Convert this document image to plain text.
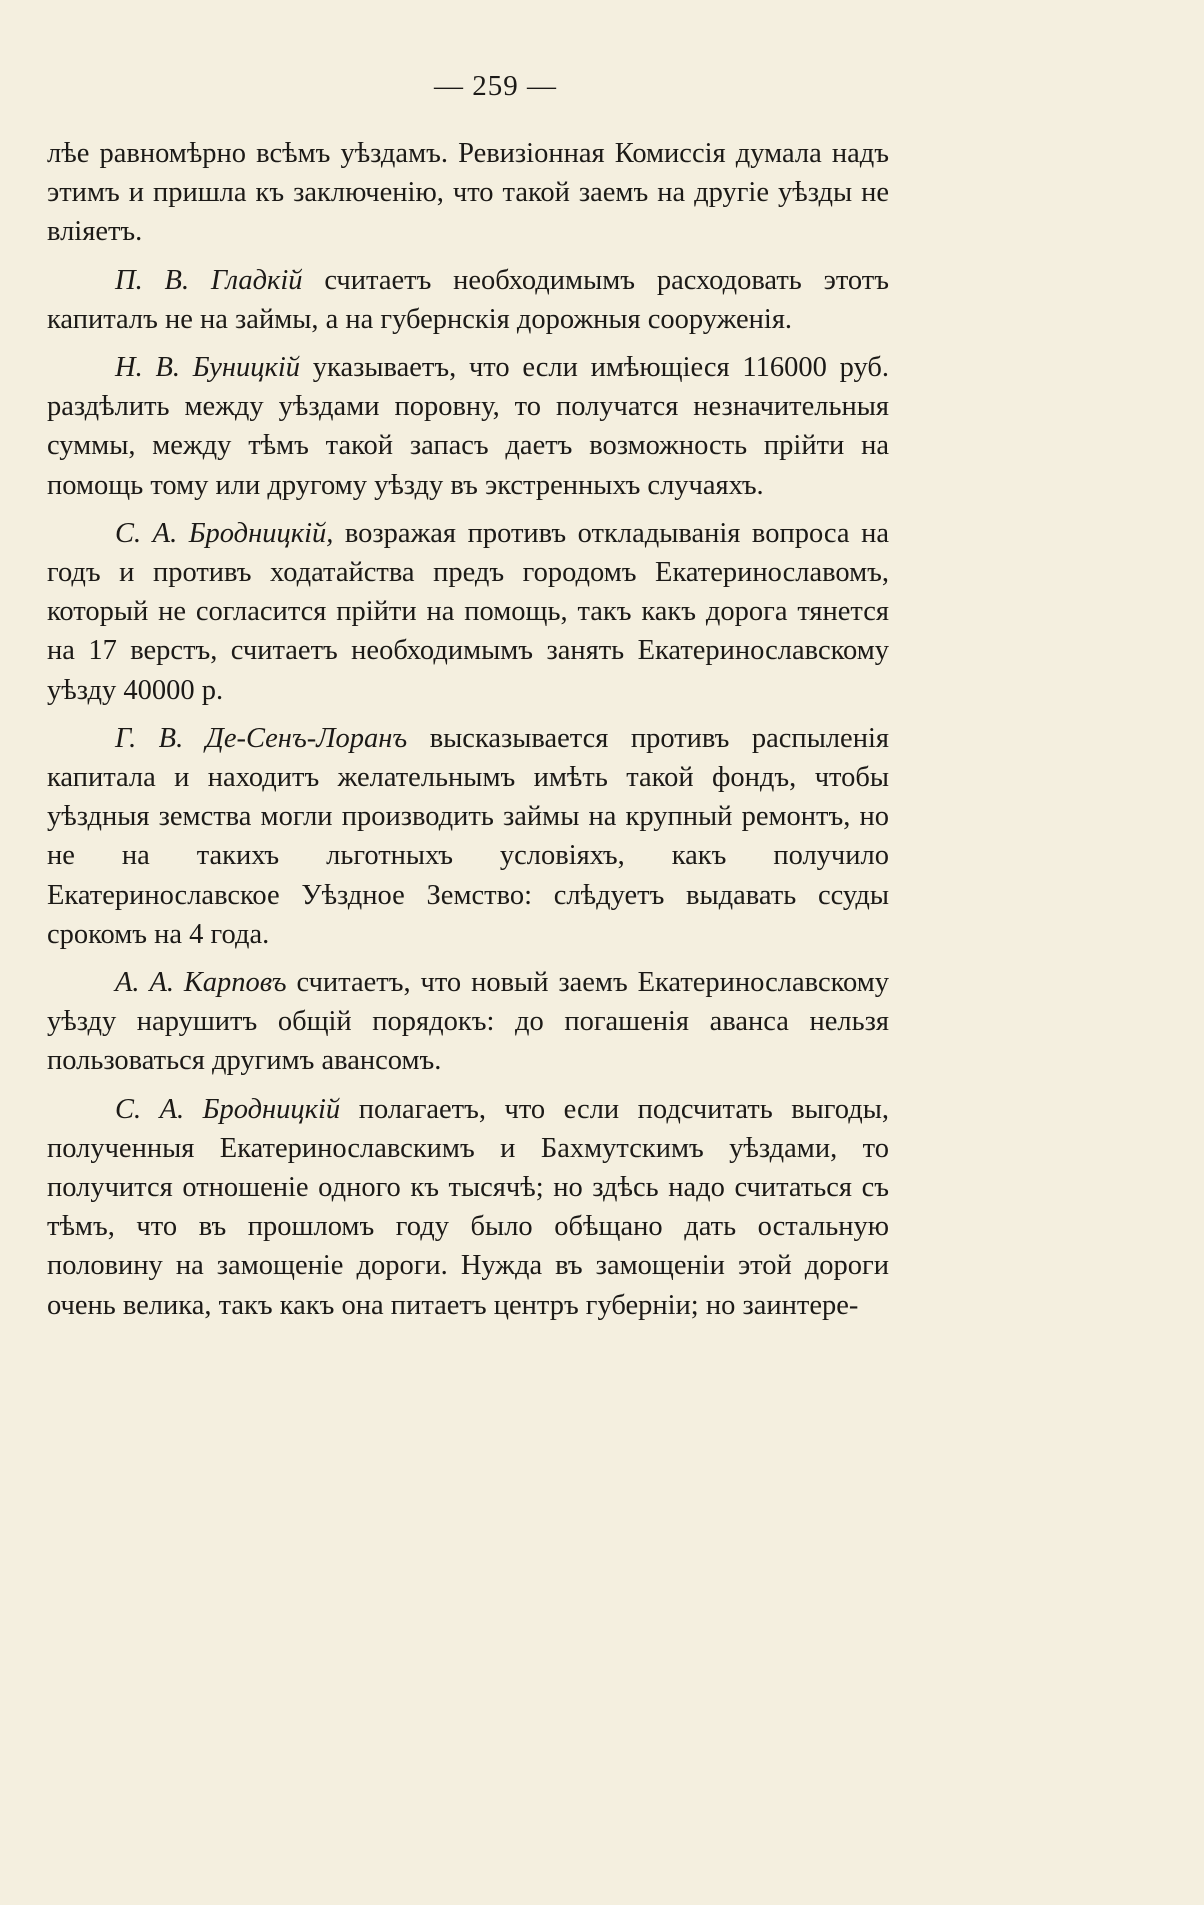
— 259 —

лѣе равномѣрно всѣмъ уѣздамъ. Ревизіонная Комиссія думала надъ этимъ и пришла къ заключенію, что такой заемъ на другіе уѣзды не вліяетъ.

П. В. Гладкій считаетъ необходимымъ расходовать этотъ капиталъ не на займы, а на губернскія дорожныя сооруженія.

Н. В. Буницкій указываетъ, что если имѣющіеся 116000 руб. раздѣлить между уѣздами поровну, то получатся незначительныя суммы, между тѣмъ такой запасъ даетъ возможность прійти на помощь тому или другому уѣзду въ экстренныхъ случаяхъ.

С. А. Бродницкій, возражая противъ откладыванія вопроса на годъ и противъ ходатайства предъ городомъ Екатеринославомъ, который не согласится прійти на помощь, такъ какъ дорога тянется на 17 верстъ, считаетъ необходимымъ занять Екатеринославскому уѣзду 40000 р.

Г. В. Де-Сенъ-Лоранъ высказывается противъ распыленія капитала и находитъ желательнымъ имѣть такой фондъ, чтобы уѣздныя земства могли производить займы на крупный ремонтъ, но не на такихъ льготныхъ условіяхъ, какъ получило Екатеринославское Уѣздное Земство: слѣдуетъ выдавать ссуды срокомъ на 4 года.

А. А. Карповъ считаетъ, что новый заемъ Екатеринославскому уѣзду нарушитъ общій порядокъ: до погашенія аванса нельзя пользоваться другимъ авансомъ.

С. А. Бродницкій полагаетъ, что если подсчитать выгоды, полученныя Екатеринославскимъ и Бахмутскимъ уѣздами, то получится отношеніе одного къ тысячѣ; но здѣсь надо считаться съ тѣмъ, что въ прошломъ году было обѣщано дать остальную половину на замощеніе дороги. Нужда въ замощеніи этой дороги очень велика, такъ какъ она питаетъ центръ губерніи; но заинтере-
